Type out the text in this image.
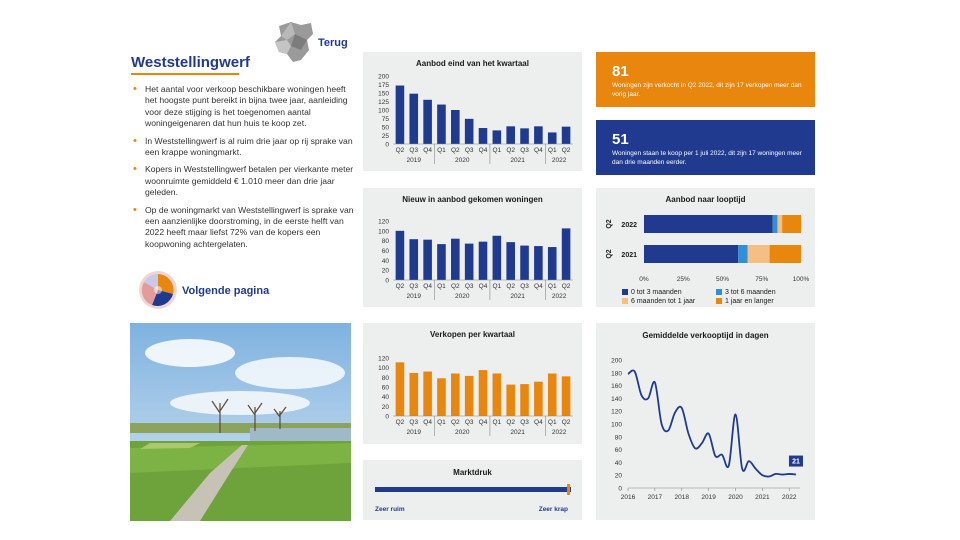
Terug
Weststellingwerf
• Het aantal voor verkoop beschikbare woningen heeft het hoogste punt bereikt in bijna twee jaar, aanleiding voor deze stijging is het toegenomen aantal woningeigenaren dat hun huis te koop zet.
• In Weststellingwerf is al ruim drie jaar op rij sprake van een krappe woningmarkt.
• Kopers in Weststellingwerf betalen per vierkante meter woonruimte gemiddeld € 1.010 meer dan drie jaar geleden.
• Op de woningmarkt van Weststellingwerf is sprake van een aanzienlijke doorstroming, in de eerste helft van 2022 heeft maar liefst 72% van de kopers een koopwoning achtergelaten.
Volgende pagina
Aanbod eind van het kwartaal
0
25
50
75
100
125
150
175
200
Q2 Q3 Q4 Q1 Q2 Q3 Q4 Q1 Q2 Q3 Q4 Q1 Q2
2019	2020	2021	2022
Nieuw in aanbod gekomen woningen
0
20
40
60
80
100
120
Q2 Q3 Q4 Q1 Q2 Q3 Q4 Q1 Q2 Q3 Q4 Q1 Q2
2019	2020	2021	2022
Verkopen per kwartaal
0
20
40
60
80
100
120
Q2 Q3 Q4 Q1 Q2 Q3 Q4 Q1 Q2 Q3 Q4 Q1 Q2
2019	2020	2021	2022
Marktdruk
Zeer ruim	Zeer krap
81
Woningen zijn verkocht in Q2 2022, dit zijn 17 verkopen meer dan vorig jaar.
51
Woningen staan te koop per 1 juli 2022, dit zijn 17 woningen meer dan drie maanden eerder.
Aanbod naar looptijd
2022
Q2
2021
Q2
0%	25%	50%	75%	100%
0 tot 3 maanden	3 tot 6 maanden
6 maanden tot 1 jaar	1 jaar en langer
Gemiddelde verkooptijd in dagen
0
20
40
60
80
100
120
140
160
180
200
2016 2017 2018 2019 2020 2021 2022
21
